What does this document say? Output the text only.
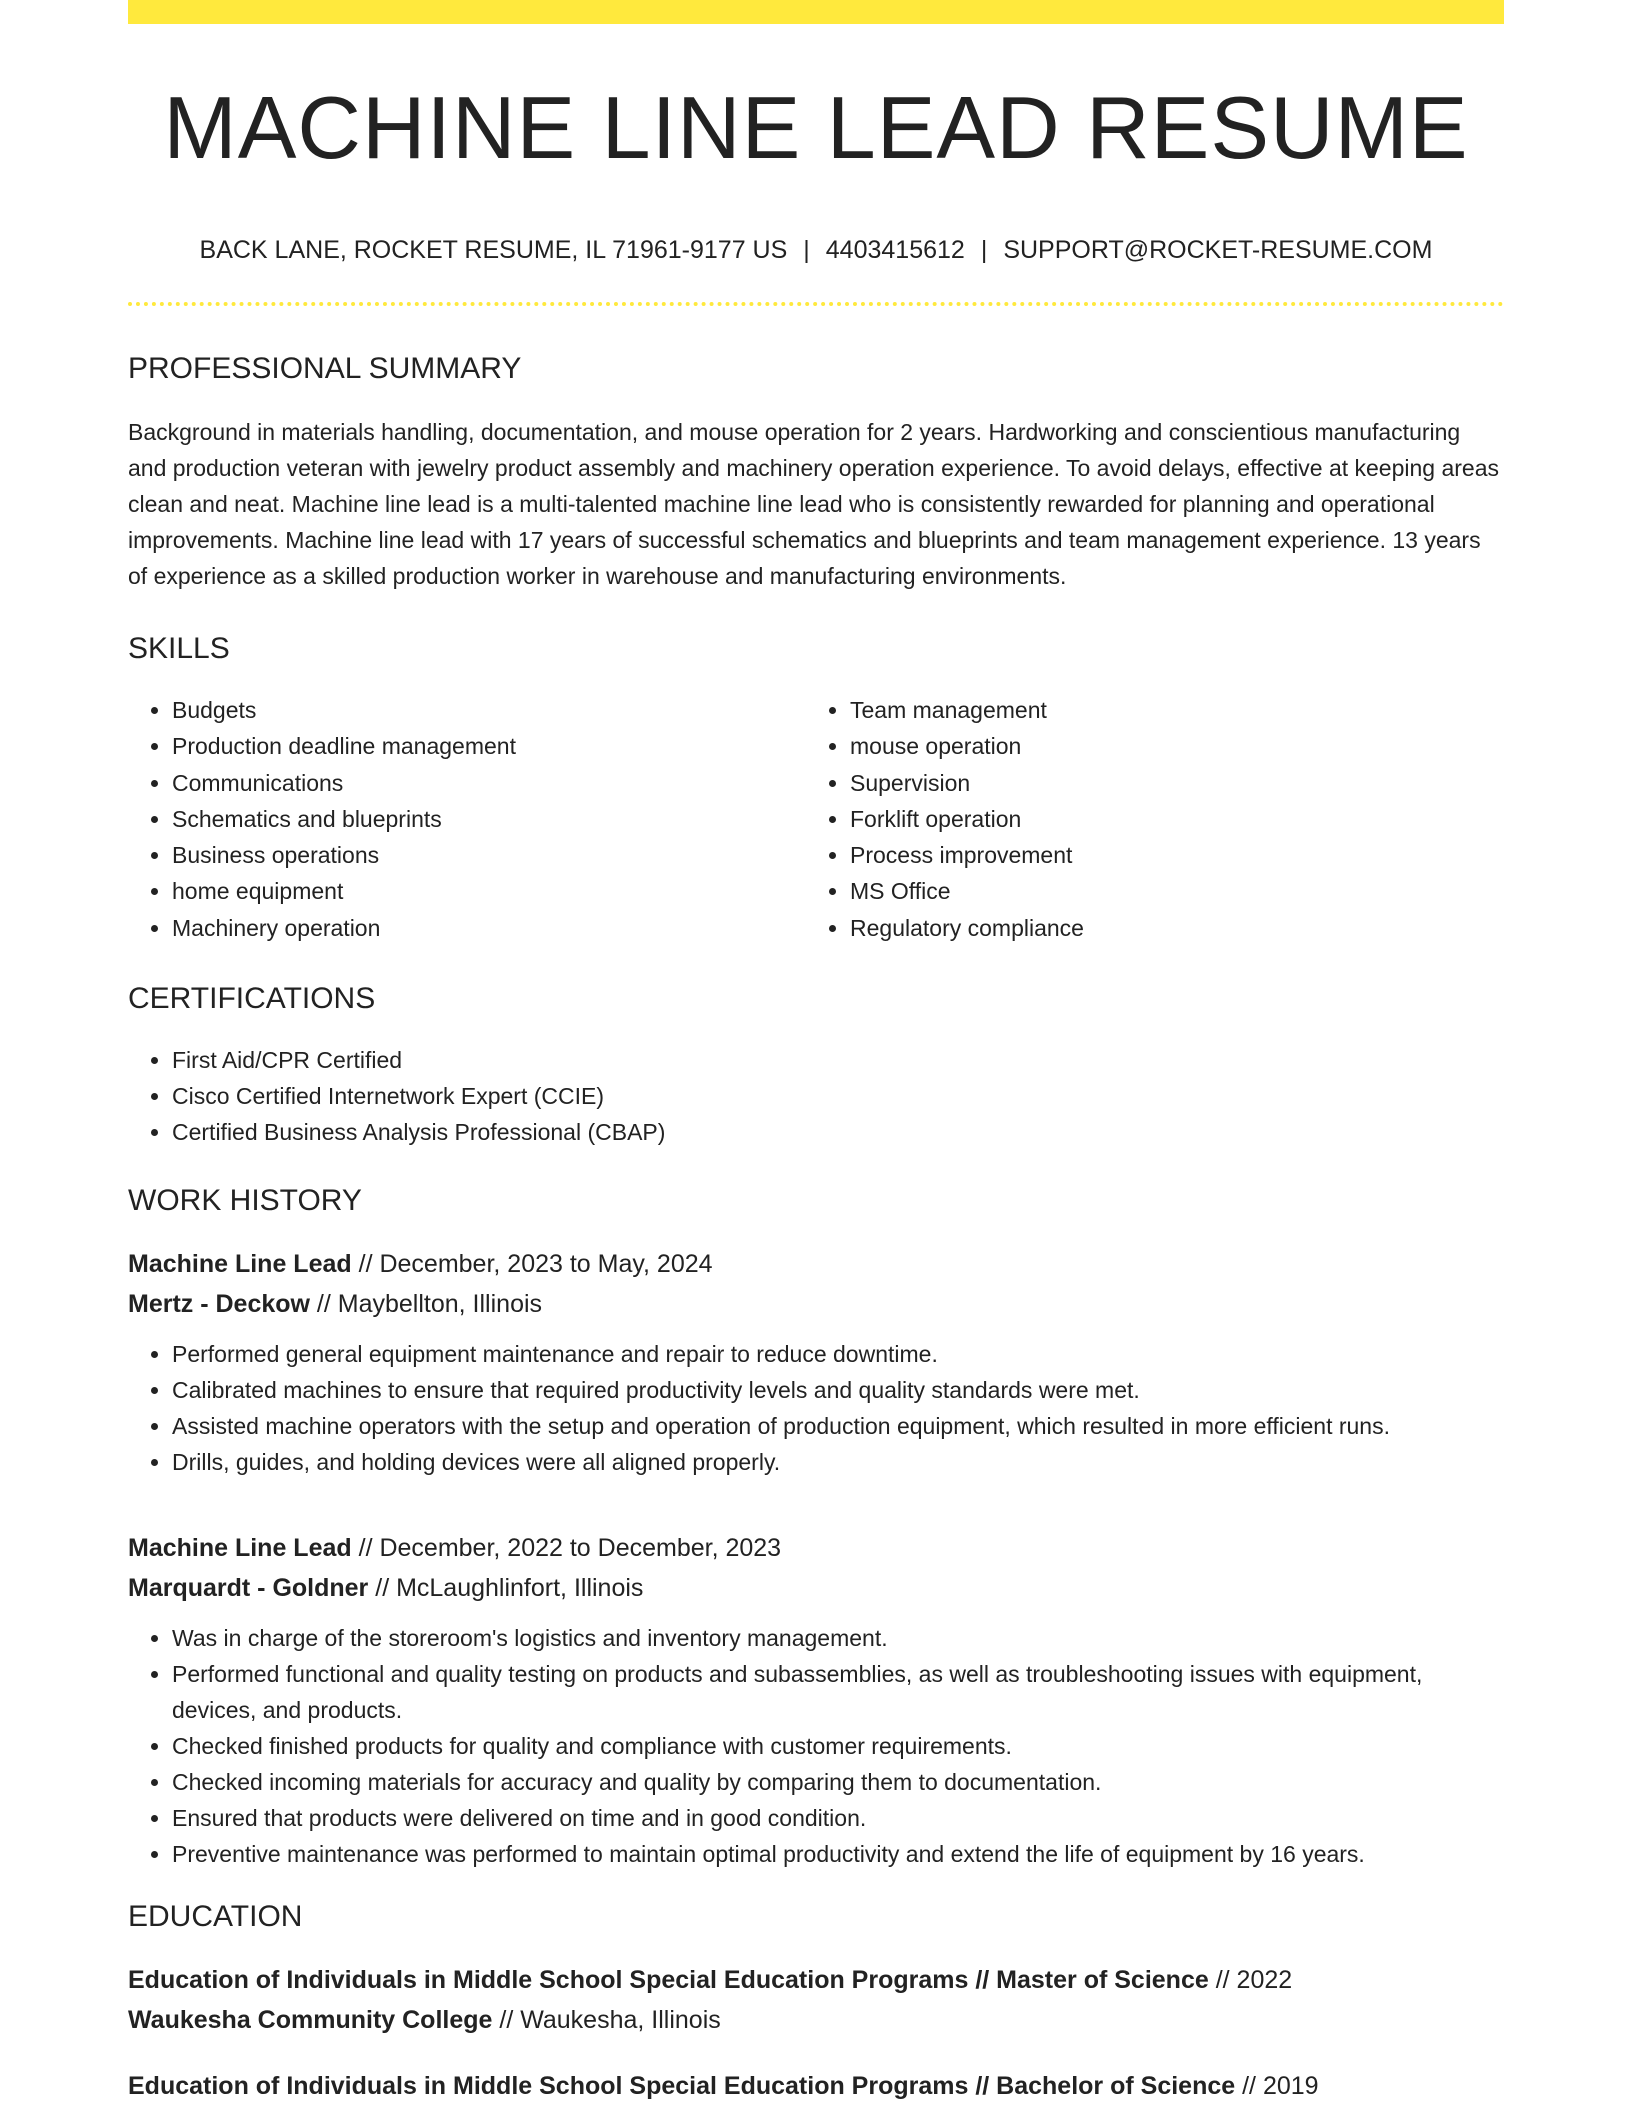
MACHINE LINE LEAD RESUME
BACK LANE, ROCKET RESUME, IL 71961-9177 US | 4403415612 | SUPPORT@ROCKET-RESUME.COM
PROFESSIONAL SUMMARY
Background in materials handling, documentation, and mouse operation for 2 years. Hardworking and conscientious manufacturing and production veteran with jewelry product assembly and machinery operation experience. To avoid delays, effective at keeping areas clean and neat. Machine line lead is a multi-talented machine line lead who is consistently rewarded for planning and operational improvements. Machine line lead with 17 years of successful schematics and blueprints and team management experience. 13 years of experience as a skilled production worker in warehouse and manufacturing environments.
SKILLS
• Budgets
• Production deadline management
• Communications
• Schematics and blueprints
• Business operations
• home equipment
• Machinery operation
• Team management
• mouse operation
• Supervision
• Forklift operation
• Process improvement
• MS Office
• Regulatory compliance
CERTIFICATIONS
• First Aid/CPR Certified
• Cisco Certified Internetwork Expert (CCIE)
• Certified Business Analysis Professional (CBAP)
WORK HISTORY
Machine Line Lead // December, 2023 to May, 2024
Mertz - Deckow // Maybellton, Illinois
• Performed general equipment maintenance and repair to reduce downtime.
• Calibrated machines to ensure that required productivity levels and quality standards were met.
• Assisted machine operators with the setup and operation of production equipment, which resulted in more efficient runs.
• Drills, guides, and holding devices were all aligned properly.
Machine Line Lead // December, 2022 to December, 2023
Marquardt - Goldner // McLaughlinfort, Illinois
• Was in charge of the storeroom's logistics and inventory management.
• Performed functional and quality testing on products and subassemblies, as well as troubleshooting issues with equipment, devices, and products.
• Checked finished products for quality and compliance with customer requirements.
• Checked incoming materials for accuracy and quality by comparing them to documentation.
• Ensured that products were delivered on time and in good condition.
• Preventive maintenance was performed to maintain optimal productivity and extend the life of equipment by 16 years.
EDUCATION
Education of Individuals in Middle School Special Education Programs // Master of Science // 2022
Waukesha Community College // Waukesha, Illinois
Education of Individuals in Middle School Special Education Programs // Bachelor of Science // 2019
